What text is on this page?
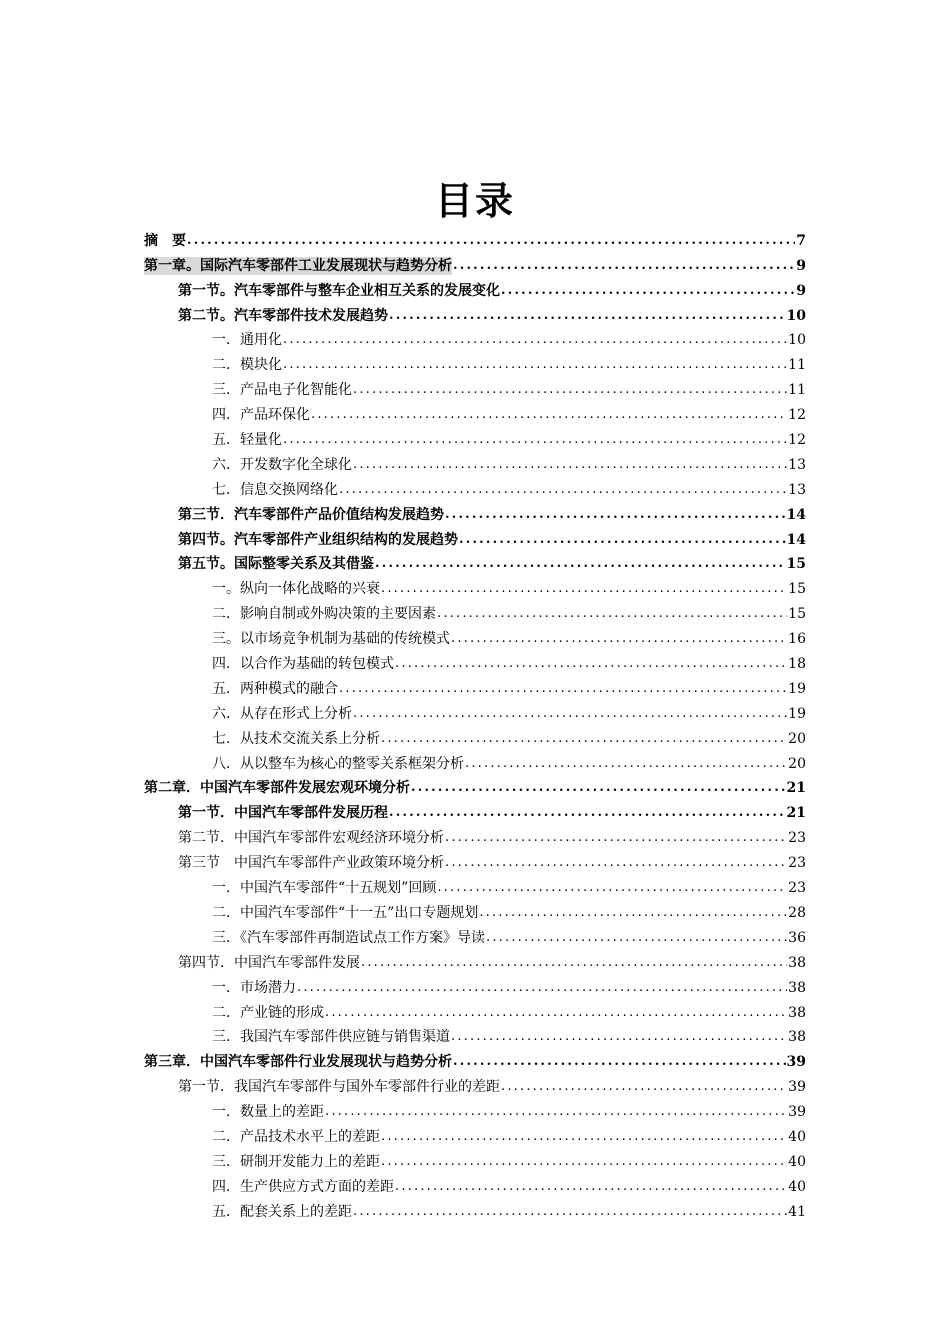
目录
摘　要 .....	7
第一章。国际汽车零部件工业发展现状与趋势分析 .....	9
第一节。汽车零部件与整车企业相互关系的发展变化 .....	9
第二节。汽车零部件技术发展趋势 .....	10
一．通用化 .....	10
二．模块化 .....	11
三．产品电子化智能化 .....	11
四．产品环保化 .....	12
五．轻量化 .....	12
六．开发数字化全球化 .....	13
七．信息交换网络化 .....	13
第三节．汽车零部件产品价值结构发展趋势 .....	14
第四节。汽车零部件产业组织结构的发展趋势 .....	14
第五节。国际整零关系及其借鉴 .....	15
一。纵向一体化战略的兴衰 .....	15
二．影响自制或外购决策的主要因素 .....	15
三。以市场竞争机制为基础的传统模式 .....	16
四．以合作为基础的转包模式 .....	18
五．两种模式的融合 .....	19
六．从存在形式上分析 .....	19
七．从技术交流关系上分析 .....	20
八．从以整车为核心的整零关系框架分析 .....	20
第二章．中国汽车零部件发展宏观环境分析 .....	21
第一节．中国汽车零部件发展历程 .....	21
第二节．中国汽车零部件宏观经济环境分析 .....	23
第三节　中国汽车零部件产业政策环境分析 .....	23
一．中国汽车零部件“十五规划”回顾 .....	23
二．中国汽车零部件“十一五”出口专题规划 .....	28
三．《汽车零部件再制造试点工作方案》导读 .....	36
第四节．中国汽车零部件发展 .....	38
一．市场潜力 .....	38
二．产业链的形成 .....	38
三．我国汽车零部件供应链与销售渠道 .....	38
第三章．中国汽车零部件行业发展现状与趋势分析 .....	39
第一节．我国汽车零部件与国外车零部件行业的差距 .....	39
一．数量上的差距 .....	39
二．产品技术水平上的差距 .....	40
三．研制开发能力上的差距 .....	40
四．生产供应方式方面的差距 .....	40
五．配套关系上的差距 .....	41
